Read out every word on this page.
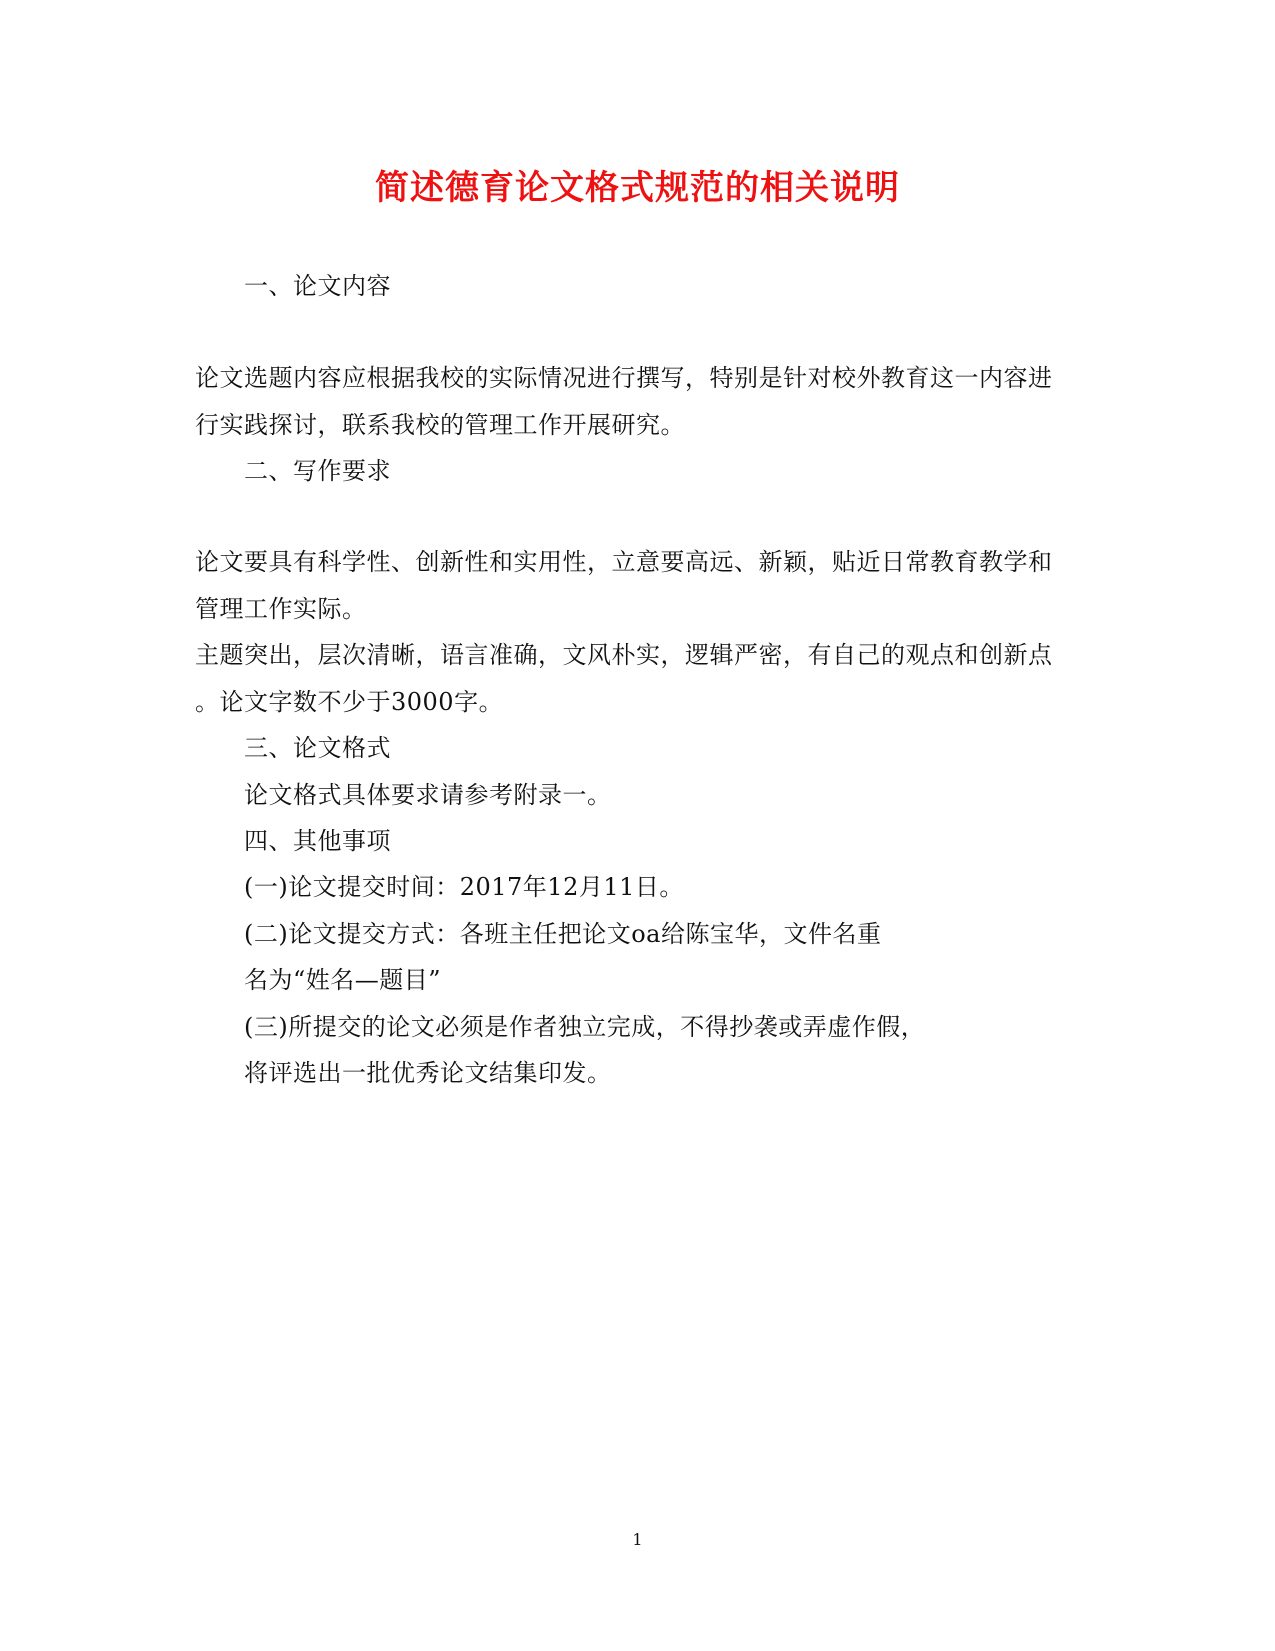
简述德育论文格式规范的相关说明
一、论文内容
论文选题内容应根据我校的实际情况进行撰写，特别是针对校外教育这一内容进
行实践探讨，联系我校的管理工作开展研究。
二、写作要求
论文要具有科学性、创新性和实用性，立意要高远、新颖，贴近日常教育教学和
管理工作实际。
主题突出，层次清晰，语言准确，文风朴实，逻辑严密，有自己的观点和创新点
。论文字数不少于3000字。
三、论文格式
论文格式具体要求请参考附录一。
四、其他事项
(一)论文提交时间：2017年12月11日。
(二)论文提交方式：各班主任把论文oa给陈宝华，文件名重
名为“姓名—题目”
(三)所提交的论文必须是作者独立完成，不得抄袭或弄虚作假，
将评选出一批优秀论文结集印发。
1
